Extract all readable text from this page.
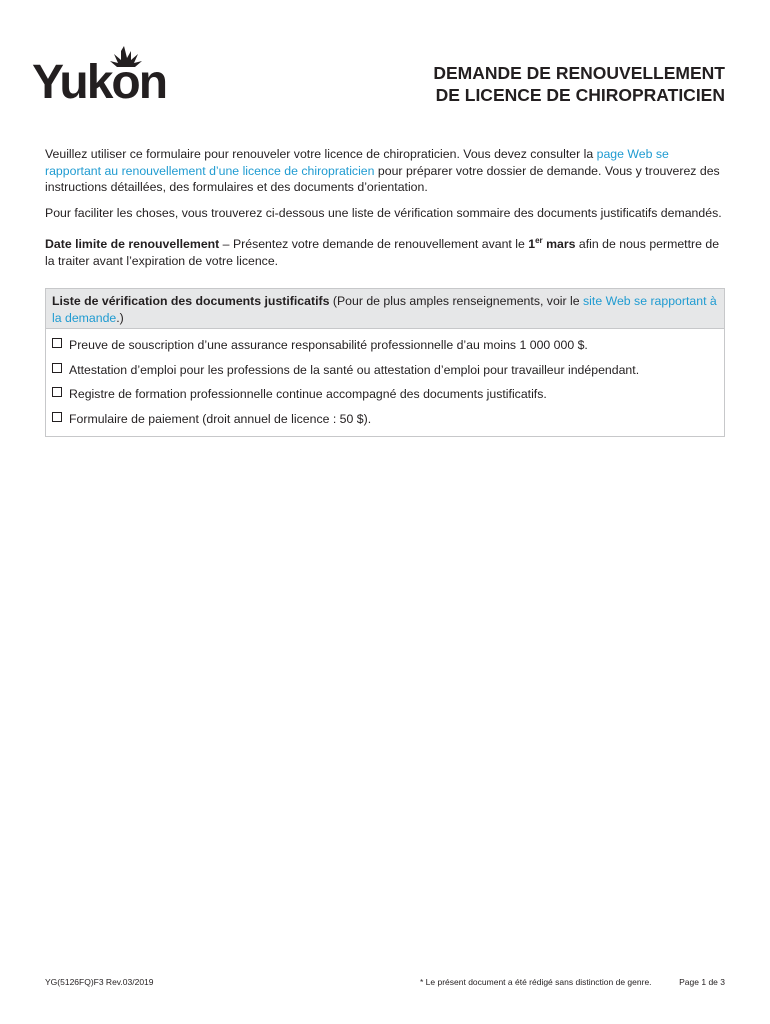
Yukon	DEMANDE DE RENOUVELLEMENT
DE LICENCE DE CHIROPRATICIEN
Veuillez utiliser ce formulaire pour renouveler votre licence de chiropraticien. Vous devez consulter la page Web se rapportant au renouvellement d’une licence de chiropraticien pour préparer votre dossier de demande. Vous y trouverez des instructions détaillées, des formulaires et des documents d’orientation.
Pour faciliter les choses, vous trouverez ci-dessous une liste de vérification sommaire des documents justificatifs demandés.
Date limite de renouvellement – Présentez votre demande de renouvellement avant le 1er mars afin de nous permettre de la traiter avant l’expiration de votre licence.
Liste de vérification des documents justificatifs (Pour de plus amples renseignements, voir le site Web se rapportant à la demande.)
Preuve de souscription d’une assurance responsabilité professionnelle d’au moins 1 000 000 $.
Attestation d’emploi pour les professions de la santé ou attestation d’emploi pour travailleur indépendant.
Registre de formation professionnelle continue accompagné des documents justificatifs.
Formulaire de paiement (droit annuel de licence : 50 $).
YG(5126FQ)F3 Rev.03/2019	* Le présent document a été rédigé sans distinction de genre.	Page 1 de 3
